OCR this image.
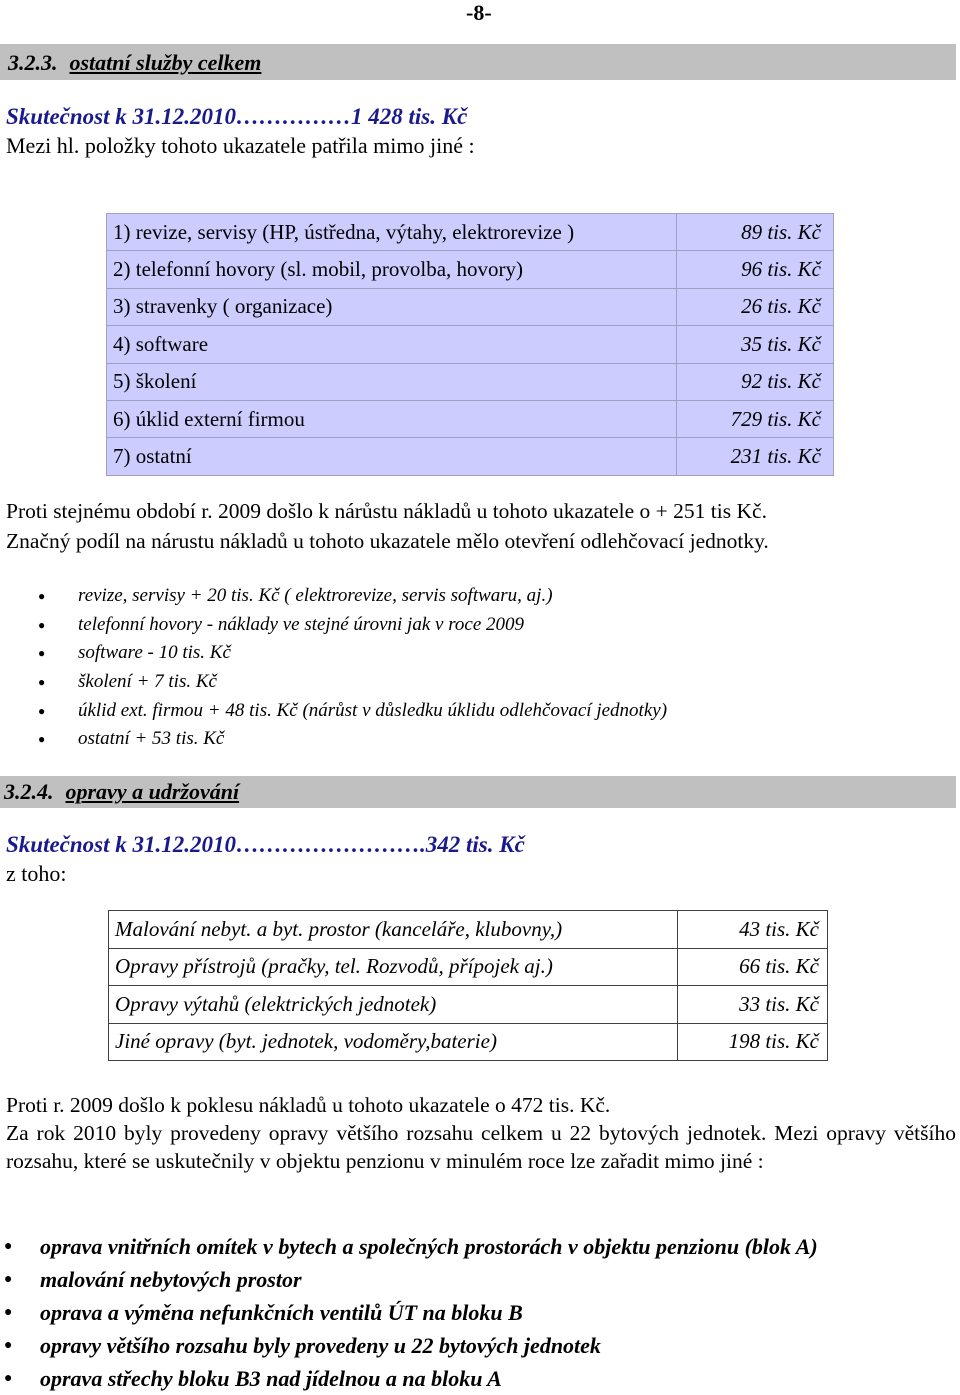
-8-
3.2.3. ostatní služby celkem
Skutečnost k 31.12.2010……………1 428 tis. Kč
Mezi hl. položky tohoto ukazatele patřila mimo jiné :
1) revize, servisy (HP, ústředna, výtahy, elektrorevize )	89 tis. Kč
2) telefonní hovory (sl. mobil, provolba, hovory)	96 tis. Kč
3) stravenky ( organizace)	26 tis. Kč
4) software	35 tis. Kč
5) školení	92 tis. Kč
6) úklid externí firmou	729 tis. Kč
7) ostatní	231 tis. Kč

Proti stejnému období r. 2009 došlo k nárůstu nákladů u tohoto ukazatele o + 251 tis Kč.

Značný podíl na nárustu nákladů u tohoto ukazatele mělo otevření odlehčovací jednotky.

● revize, servisy + 20 tis. Kč ( elektrorevize, servis softwaru, aj.)
● telefonní hovory - náklady ve stejné úrovni jak v roce 2009
● software - 10 tis. Kč
● školení + 7 tis. Kč
● úklid ext. firmou + 48 tis. Kč (nárůst v důsledku úklidu odlehčovací jednotky)
● ostatní + 53 tis. Kč
3.2.4. opravy a udržování
Skutečnost k 31.12.2010…………………….342 tis. Kč
z toho:
Malování nebyt. a byt. prostor (kanceláře, klubovny,)	43 tis. Kč
Opravy přístrojů (pračky, tel. Rozvodů, přípojek aj.)	66 tis. Kč
Opravy výtahů (elektrických jednotek)	33 tis. Kč
Jiné opravy (byt. jednotek, vodoměry,baterie)	198 tis. Kč

Proti r. 2009 došlo k poklesu nákladů u tohoto ukazatele o 472 tis. Kč.

Za rok 2010 byly provedeny opravy většího rozsahu celkem u 22 bytových jednotek. Mezi opravy většího rozsahu, které se uskutečnily v objektu penzionu v minulém roce lze zařadit mimo jiné :

● oprava vnitřních omítek v bytech a společných prostorách v objektu penzionu (blok A)
● malování nebytových prostor
● oprava a výměna nefunkčních ventilů ÚT na bloku B
● opravy většího rozsahu byly provedeny u 22 bytových jednotek
● oprava střechy bloku B3 nad jídelnou a na bloku A
